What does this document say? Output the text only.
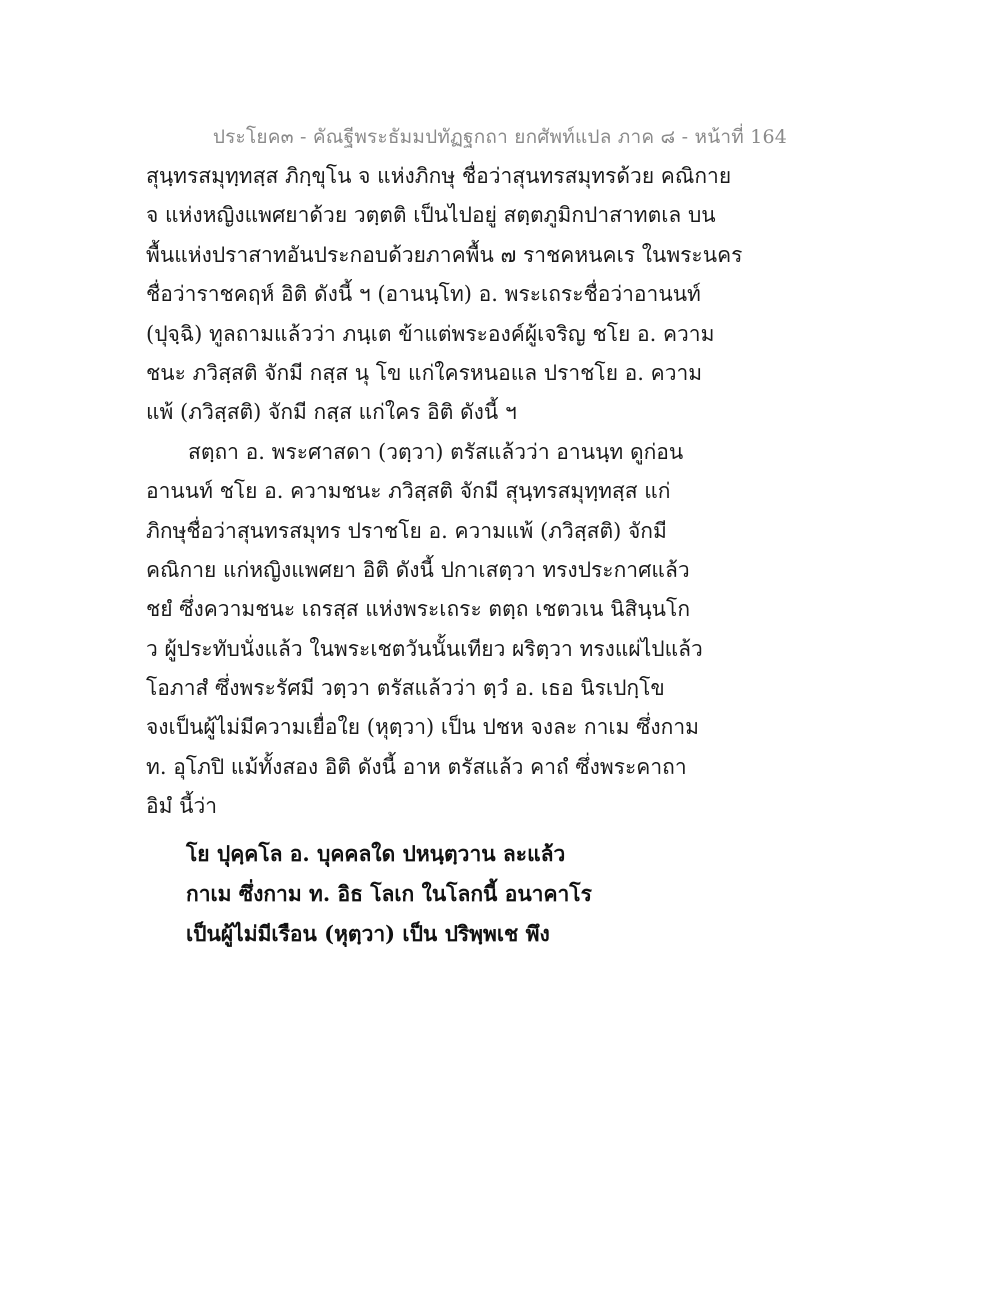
ประโยค๓ - คัณฐีพระธัมมปทัฏฐกถา ยกศัพท์แปล ภาค ๘ - หน้าที่ 164
สุนฺทรสมุทฺทสฺส ภิกฺขุโน จ แห่งภิกษุ ชื่อว่าสุนทรสมุทรด้วย คณิกาย
จ แห่งหญิงแพศยาด้วย วตฺตติ เป็นไปอยู่ สตฺตภูมิกปาสาทตเล บน
พื้นแห่งปราสาทอันประกอบด้วยภาคพื้น ๗ ราชคหนคเร ในพระนคร
ชื่อว่าราชคฤห์ อิติ ดังนี้ ฯ (อานนฺโท) อ. พระเถระชื่อว่าอานนท์
(ปุจฺฉิ) ทูลถามแล้วว่า ภนฺเต ข้าแต่พระองค์ผู้เจริญ ชโย อ. ความ
ชนะ ภวิสฺสติ จักมี กสฺส นุ โข แก่ใครหนอแล ปราชโย อ. ความ
แพ้ (ภวิสฺสติ) จักมี กสฺส แก่ใคร อิติ ดังนี้ ฯ
สตฺถา อ. พระศาสดา (วตฺวา) ตรัสแล้วว่า อานนฺท ดูก่อน
อานนท์ ชโย อ. ความชนะ ภวิสฺสติ จักมี สุนฺทรสมุทฺทสฺส แก่
ภิกษุชื่อว่าสุนทรสมุทร ปราชโย อ. ความแพ้ (ภวิสฺสติ) จักมี
คณิกาย แก่หญิงแพศยา อิติ ดังนี้ ปกาเสตฺวา ทรงประกาศแล้ว
ชยํ ซึ่งความชนะ เถรสฺส แห่งพระเถระ ตตฺถ เชตวเน นิสินฺนโก
ว ผู้ประทับนั่งแล้ว ในพระเชตวันนั้นเทียว ผริตฺวา ทรงแผ่ไปแล้ว
โอภาสํ ซึ่งพระรัศมี วตฺวา ตรัสแล้วว่า ตฺวํ อ. เธอ นิรเปกฺโข
จงเป็นผู้ไม่มีความเยื่อใย (หุตฺวา) เป็น ปชห จงละ กาเม ซึ่งกาม
ท. อุโภปิ แม้ทั้งสอง อิติ ดังนี้ อาห ตรัสแล้ว คาถํ ซึ่งพระคาถา
อิมํ นี้ว่า
โย ปุคฺคโล อ. บุคคลใด ปหนฺตฺวาน ละแล้ว
กาเม ซึ่งกาม ท. อิธ โลเก ในโลกนี้ อนาคาโร
เป็นผู้ไม่มีเรือน (หุตฺวา) เป็น ปริพฺพเช พึง
